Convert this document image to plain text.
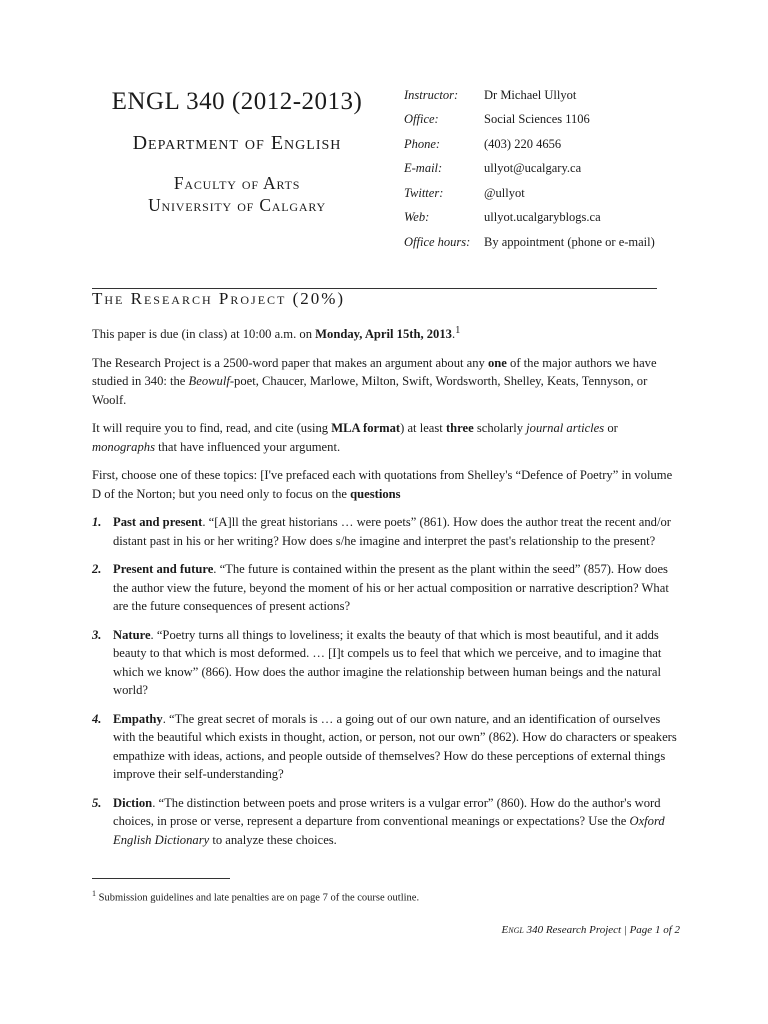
ENGL 340 (2012-2013)
Department of English
Faculty of Arts
University of Calgary
Instructor:	Dr Michael Ullyot
Office:	Social Sciences 1106
Phone:	(403) 220 4656
E-mail:	ullyot@ucalgary.ca
Twitter:	@ullyot
Web:	ullyot.ucalgaryblogs.ca
Office hours:	By appointment (phone or e-mail)
The Research Project (20%)

This paper is due (in class) at 10:00 a.m. on Monday, April 15th, 2013.$^1$

The Research Project is a 2500-word paper that makes an argument about any one of the major authors we have studied in 340: the Beowulf-poet, Chaucer, Marlowe, Milton, Swift, Wordsworth, Shelley, Keats, Tennyson, or Woolf.

It will require you to find, read, and cite (using MLA format) at least three scholarly journal articles or monographs that have influenced your argument.

First, choose one of these topics: [I've prefaced each with quotations from Shelley's “Defence of Poetry” in volume D of the Norton; but you need only to focus on the questions

1. Past and present. “[A]ll the great historians … were poets” (861). How does the author treat the recent and/or distant past in his or her writing? How does s/he imagine and interpret the past's relationship to the present?
2. Present and future. “The future is contained within the present as the plant within the seed” (857). How does the author view the future, beyond the moment of his or her actual composition or narrative description? What are the future consequences of present actions?
3. Nature. “Poetry turns all things to loveliness; it exalts the beauty of that which is most beautiful, and it adds beauty to that which is most deformed. … [I]t compels us to feel that which we perceive, and to imagine that which we know” (866). How does the author imagine the relationship between human beings and the natural world?
4. Empathy. “The great secret of morals is … a going out of our own nature, and an identification of ourselves with the beautiful which exists in thought, action, or person, not our own” (862). How do characters or speakers empathize with ideas, actions, and people outside of themselves? How do these perceptions of external things improve their self-understanding?
5. Diction. “The distinction between poets and prose writers is a vulgar error” (860). How do the author's word choices, in prose or verse, represent a departure from conventional meanings or expectations? Use the Oxford English Dictionary to analyze these choices.
$^1$ Submission guidelines and late penalties are on page 7 of the course outline.
Engl 340 Research Project | Page 1 of 2
